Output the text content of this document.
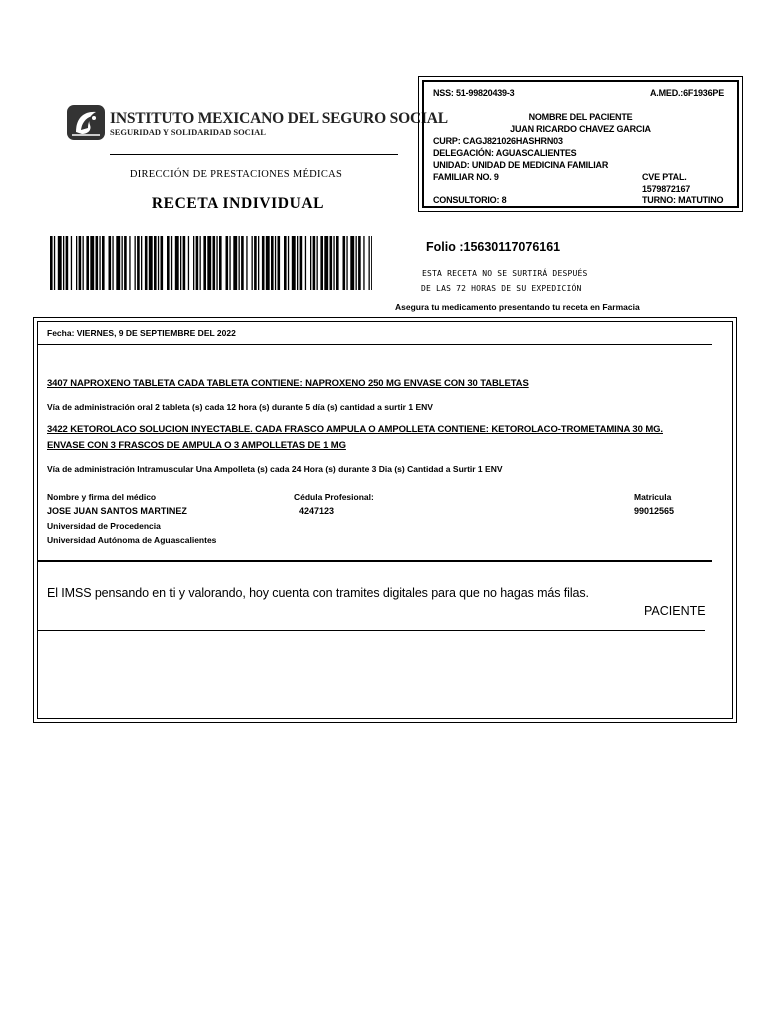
INSTITUTO MEXICANO DEL SEGURO SOCIAL
SEGURIDAD Y SOLIDARIDAD SOCIAL
DIRECCIÓN DE PRESTACIONES MÉDICAS
RECETA INDIVIDUAL
NSS: 51-99820439-3	A.MED.:6F1936PE
NOMBRE DEL PACIENTE
JUAN RICARDO CHAVEZ GARCIA
CURP: CAGJ821026HASHRN03
DELEGACIÓN: AGUASCALIENTES
UNIDAD: UNIDAD DE MEDICINA FAMILIAR
FAMILIAR NO. 9	CVE PTAL.
1579872167
CONSULTORIO: 8	TURNO: MATUTINO
Folio :15630117076161
ESTA RECETA NO SE SURTIRÁ DESPUÉS
DE LAS 72 HORAS DE SU EXPEDICIÓN
Asegura tu medicamento presentando tu receta en Farmacia
Fecha: VIERNES, 9 DE SEPTIEMBRE DEL 2022
3407 NAPROXENO TABLETA CADA TABLETA CONTIENE: NAPROXENO 250 MG ENVASE CON 30 TABLETAS
Vía de administración oral 2 tableta (s) cada 12 hora (s) durante 5 día (s) cantidad a surtir 1 ENV
3422 KETOROLACO SOLUCION INYECTABLE. CADA FRASCO AMPULA O AMPOLLETA CONTIENE: KETOROLACO-TROMETAMINA 30 MG.
ENVASE CON 3 FRASCOS DE AMPULA O 3 AMPOLLETAS DE 1 MG
Vía de administración Intramuscular Una Ampolleta (s) cada 24 Hora (s) durante 3 Dia (s) Cantidad a Surtir 1 ENV
Nombre y firma del médico
JOSE JUAN SANTOS MARTINEZ
Universidad de Procedencia
Universidad Autónoma de Aguascalientes
Cédula Profesional:
4247123
Matricula
99012565
El IMSS pensando en ti y valorando, hoy cuenta con tramites digitales para que no hagas más filas.
PACIENTE
